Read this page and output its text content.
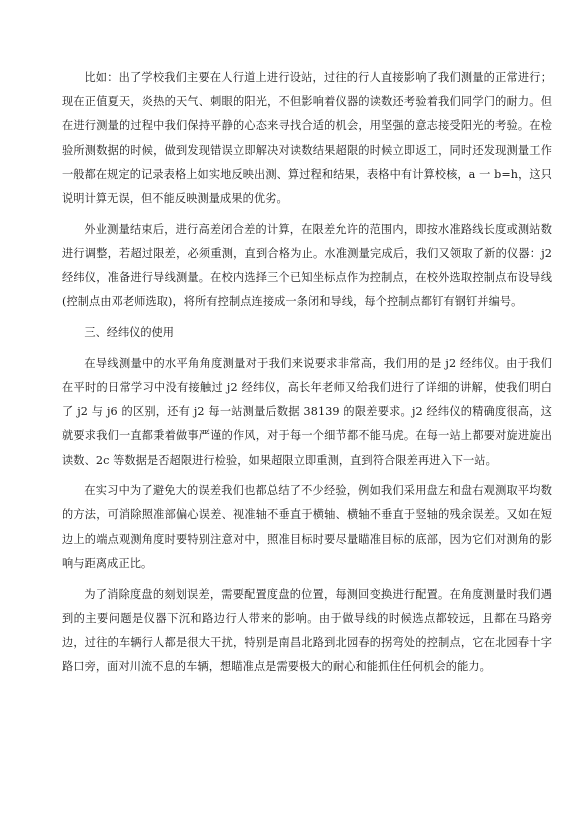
比如：出了学校我们主要在人行道上进行设站，过往的行人直接影响了我们测量的正常进行；现在正值夏天，炎热的天气、刺眼的阳光，不但影响着仪器的读数还考验着我们同学门的耐力。但在进行测量的过程中我们保持平静的心态来寻找合适的机会，用坚强的意志接受阳光的考验。在检验所测数据的时候，做到发现错误立即解决对读数结果超限的时候立即返工，同时还发现测量工作一般都在规定的记录表格上如实地反映出测、算过程和结果，表格中有计算校核，a 一 b=h，这只说明计算无误，但不能反映测量成果的优劣。

外业测量结束后，进行高差闭合差的计算，在限差允许的范围内，即按水准路线长度或测站数进行调整，若超过限差，必须重测，直到合格为止。水准测量完成后，我们又领取了新的仪器：j2 经纬仪，准备进行导线测量。在校内选择三个已知坐标点作为控制点，在校外选取控制点布设导线(控制点由邓老师选取)，将所有控制点连接成一条闭和导线，每个控制点都钉有钢钉并编号。

三、经纬仪的使用

在导线测量中的水平角角度测量对于我们来说要求非常高，我们用的是 j2 经纬仪。由于我们在平时的日常学习中没有接触过 j2 经纬仪，高长年老师又给我们进行了详细的讲解，使我们明白了 j2 与 j6 的区别，还有 j2 每一站测量后数据 38139 的限差要求。j2 经纬仪的精确度很高，这就要求我们一直都秉着做事严谨的作风，对于每一个细节都不能马虎。在每一站上都要对旋进旋出读数、2c 等数据是否超限进行检验，如果超限立即重测，直到符合限差再进入下一站。

在实习中为了避免大的误差我们也都总结了不少经验，例如我们采用盘左和盘右观测取平均数的方法，可消除照准部偏心误差、视准轴不垂直于横轴、横轴不垂直于竖轴的残余误差。又如在短边上的端点观测角度时要特别注意对中，照准目标时要尽量瞄准目标的底部，因为它们对测角的影响与距离成正比。

为了消除度盘的刻划误差，需要配置度盘的位置，每测回变换进行配置。在角度测量时我们遇到的主要问题是仪器下沉和路边行人带来的影响。由于做导线的时候选点都较远，且都在马路旁边，过往的车辆行人都是很大干扰，特别是南昌北路到北园春的拐弯处的控制点，它在北园春十字路口旁，面对川流不息的车辆，想瞄准点是需要极大的耐心和能抓住任何机会的能力。
